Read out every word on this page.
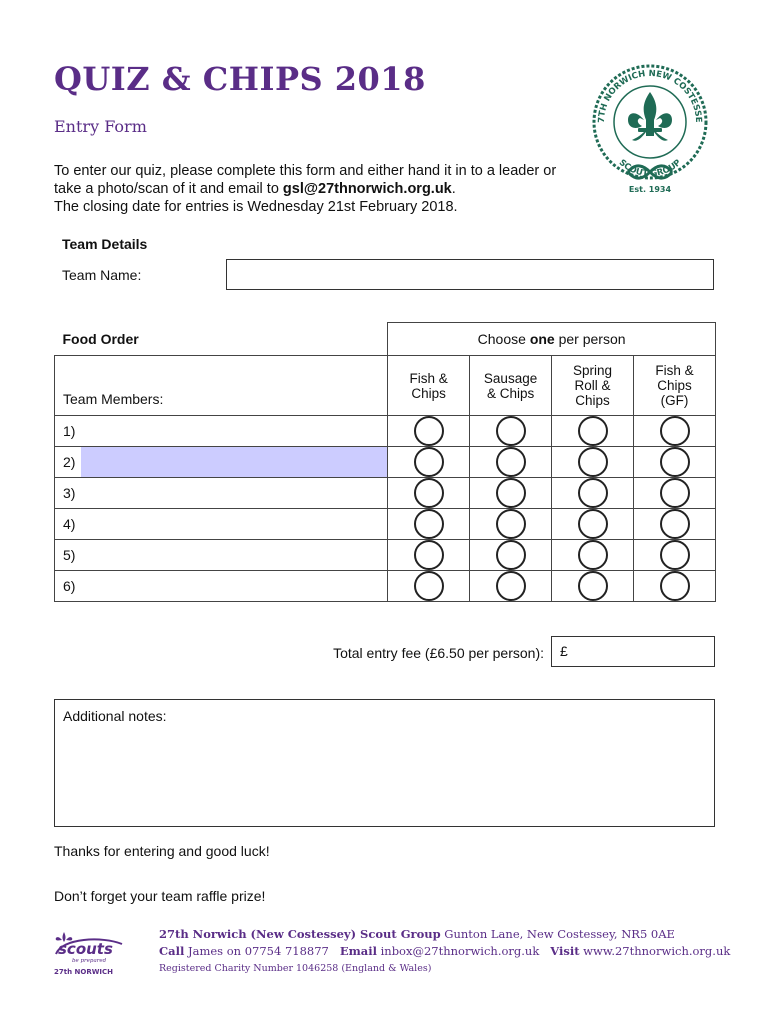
QUIZ & CHIPS 2018
Entry Form
To enter our quiz, please complete this form and either hand it in to a leader or take a photo/scan of it and email to gsl@27thnorwich.org.uk.
The closing date for entries is Wednesday 21st February 2018.
7TH NORWICH NEW COSTESSE
SCOUT GROUP
Est. 1934
Team Details
Team Name:
Food Order	Choose one per person			
Team Members:	Fish & Chips	Sausage & Chips	Spring Roll & Chips	Fish & Chips (GF)
1)	

2)

3)	

4)	

5)	

6)	

Total entry fee (£6.50 per person):	£
Additional notes:
Thanks for entering and good luck!
Don’t forget your team raffle prize!
scouts
be prepared
27th NORWICH
27th Norwich (New Costessey) Scout Group Gunton Lane, New Costessey, NR5 0AE
Call James on 07754 718877 Email inbox@27thnorwich.org.uk Visit www.27thnorwich.org.uk
Registered Charity Number 1046258 (England & Wales)
